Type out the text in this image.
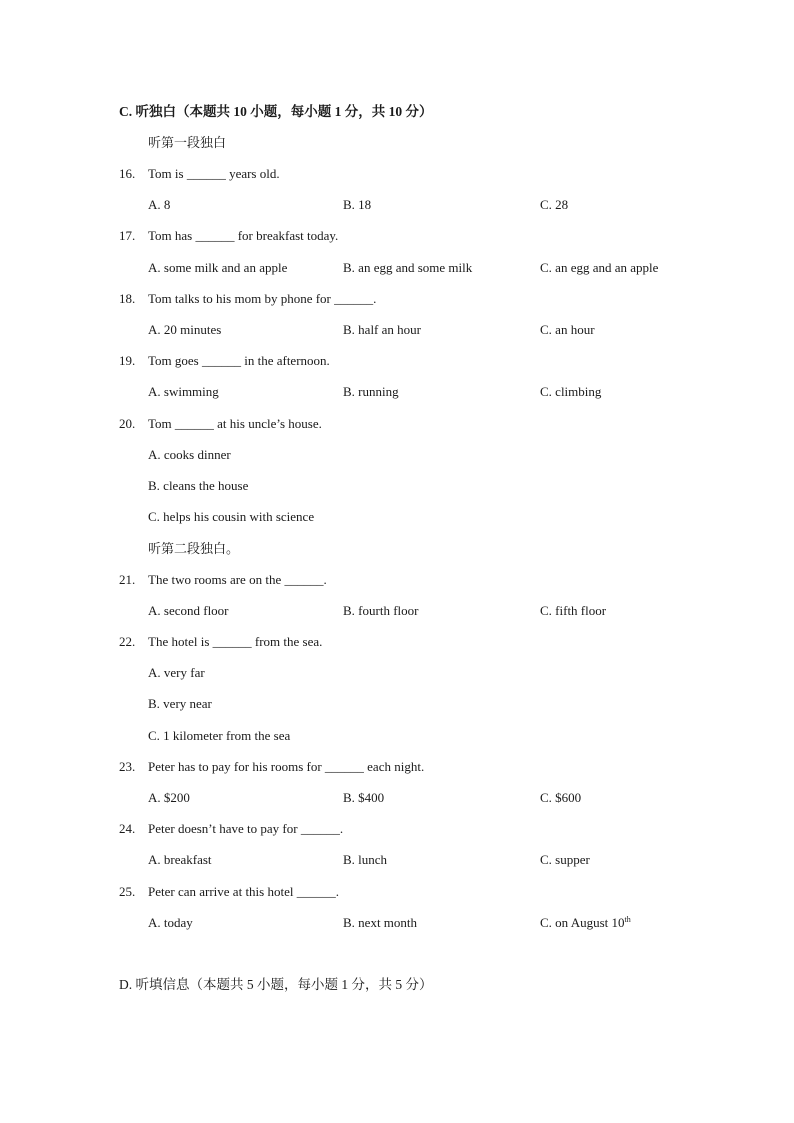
C. 听独白（本题共 10 小题，每小题 1 分，共 10 分）
听第一段独白
16. Tom is ______ years old.
A. 8	B. 18	C. 28
17. Tom has ______ for breakfast today.
A. some milk and an apple	B. an egg and some milk	C. an egg and an apple
18. Tom talks to his mom by phone for ______.
A. 20 minutes	B. half an hour	C. an hour
19. Tom goes ______ in the afternoon.
A. swimming	B. running	C. climbing
20. Tom ______ at his uncle’s house.
A. cooks dinner
B. cleans the house
C. helps his cousin with science
听第二段独白。
21. The two rooms are on the ______.
A. second floor	B. fourth floor	C. fifth floor
22. The hotel is ______ from the sea.
A. very far
B. very near
C. 1 kilometer from the sea
23. Peter has to pay for his rooms for ______ each night.
A. $200	B. $400	C. $600
24. Peter doesn’t have to pay for ______.
A. breakfast	B. lunch	C. supper
25. Peter can arrive at this hotel ______.
A. today	B. next month	C. on August 10th
D. 听填信息（本题共 5 小题，每小题 1 分，共 5 分）
